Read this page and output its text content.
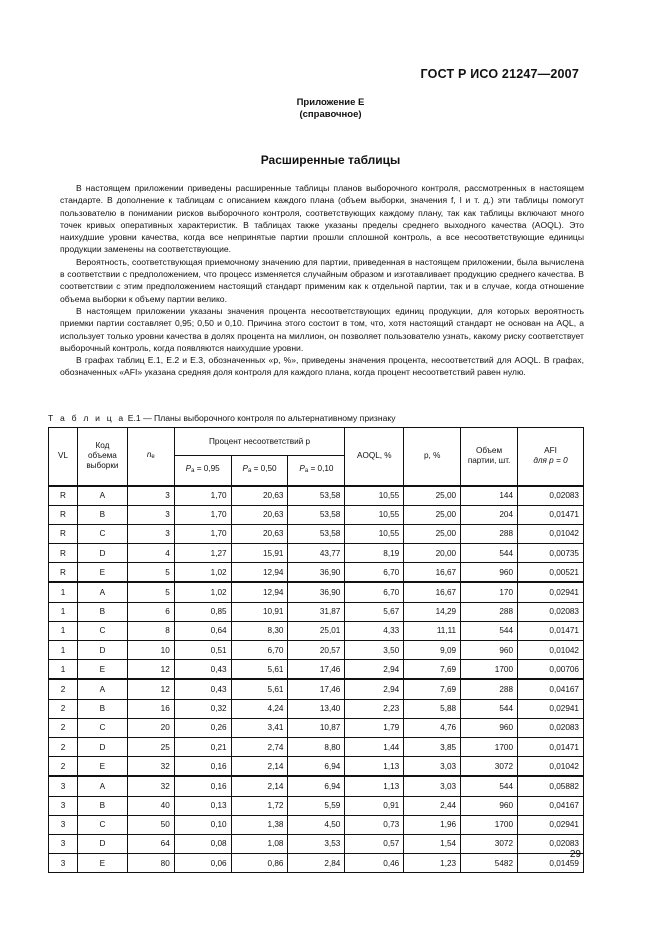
ГОСТ Р ИСО 21247—2007
Приложение E
(справочное)
Расширенные таблицы

В настоящем приложении приведены расширенные таблицы планов выборочного контроля, рассмотренных в настоящем стандарте. В дополнение к таблицам с описанием каждого плана (объем выборки, значения f, l и т. д.) эти таблицы помогут пользователю в понимании рисков выборочного контроля, соответствующих каждому плану, так как таблицы включают много точек кривых оперативных характеристик. В таблицах также указаны пределы среднего выходного качества (AOQL). Это наихудшие уровни качества, когда все непринятые партии прошли сплошной контроль, а все несоответствующие единицы продукции заменены на соответствующие.

Вероятность, соответствующая приемочному значению для партии, приведенная в настоящем приложении, была вычислена в соответствии с предположением, что процесс изменяется случайным образом и изготавливает продукцию среднего качества. В соответствии с этим предположением настоящий стандарт применим как к отдельной партии, так и в случае, когда отношение объема выборки к объему партии велико.

В настоящем приложении указаны значения процента несоответствующих единиц продукции, для которых вероятность приемки партии составляет 0,95; 0,50 и 0,10. Причина этого состоит в том, что, хотя настоящий стандарт не основан на AQL, а использует только уровни качества в долях процента на миллион, он позволяет пользователю узнать, какому риску соответствует выборочный контроль, когда появляются наихудшие уровни.

В графах таблиц E.1, E.2 и E.3, обозначенных «p, %», приведены значения процента, несоответствий для AOQL. В графах, обозначенных «AFI» указана средняя доля контроля для каждого плана, когда процент несоответствий равен нулю.

Т а б л и ц а E.1 — Планы выборочного контроля по альтернативному признаку
VL	Код объема выборки	ne	Процент несоответствий p			AOQL, %	p, %	Объем партии, шт.	AFI
для p = 0

			Pa = 0,95	Pa = 0,50	Pa = 0,10				
R	A	3	1,70	20,63	53,58	10,55	25,00	144	0,02083
R	B	3	1,70	20,63	53,58	10,55	25,00	204	0,01471
R	C	3	1,70	20,63	53,58	10,55	25,00	288	0,01042
R	D	4	1,27	15,91	43,77	8,19	20,00	544	0,00735
R	E	5	1,02	12,94	36,90	6,70	16,67	960	0,00521
1	A	5	1,02	12,94	36,90	6,70	16,67	170	0,02941
1	B	6	0,85	10,91	31,87	5,67	14,29	288	0,02083
1	C	8	0,64	8,30	25,01	4,33	11,11	544	0,01471
1	D	10	0,51	6,70	20,57	3,50	9,09	960	0,01042
1	E	12	0,43	5,61	17,46	2,94	7,69	1700	0,00706
2	A	12	0,43	5,61	17,46	2,94	7,69	288	0,04167
2	B	16	0,32	4,24	13,40	2,23	5,88	544	0,02941
2	C	20	0,26	3,41	10,87	1,79	4,76	960	0,02083
2	D	25	0,21	2,74	8,80	1,44	3,85	1700	0,01471
2	E	32	0,16	2,14	6,94	1,13	3,03	3072	0,01042
3	A	32	0,16	2,14	6,94	1,13	3,03	544	0,05882
3	B	40	0,13	1,72	5,59	0,91	2,44	960	0,04167
3	C	50	0,10	1,38	4,50	0,73	1,96	1700	0,02941
3	D	64	0,08	1,08	3,53	0,57	1,54	3072	0,02083
3	E	80	0,06	0,86	2,84	0,46	1,23	5482	0,01459
29
